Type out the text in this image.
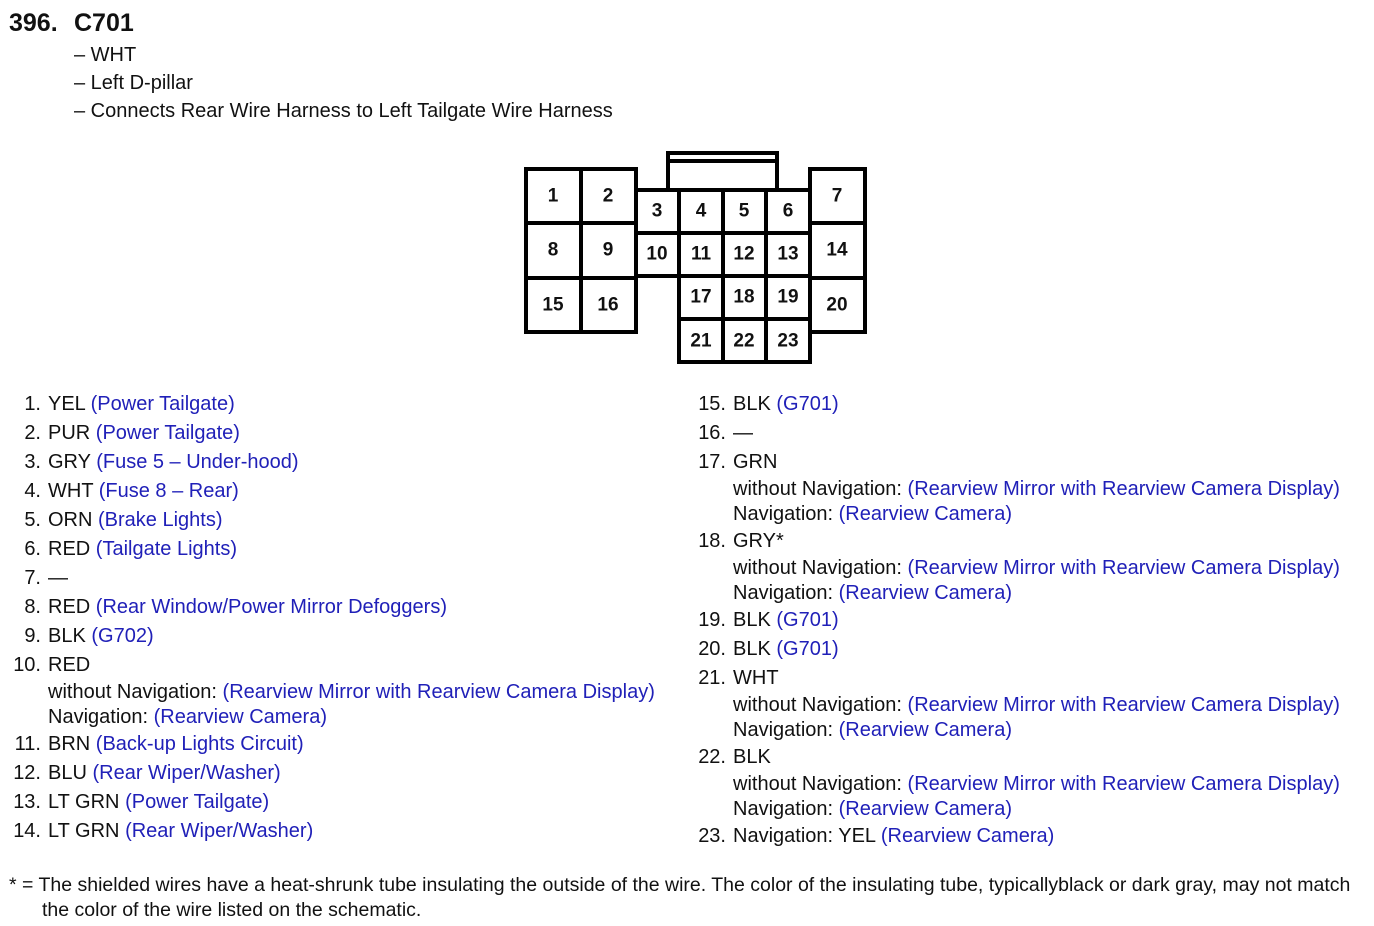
396. C701
– WHT
– Left D-pillar
– Connects Rear Wire Harness to Left Tailgate Wire Harness
1 2
3 4 5 6
7
8 9 10 11 12 13 14
15 16	17 18 19 20
21 22 23
1. YEL (Power Tailgate)
2. PUR (Power Tailgate)
3. GRY (Fuse 5 – Under-hood)
4. WHT (Fuse 8 – Rear)
5. ORN (Brake Lights)
6. RED (Tailgate Lights)
7. —
8. RED (Rear Window/Power Mirror Defoggers)
9. BLK (G702)
10. RED
without Navigation: (Rearview Mirror with Rearview Camera Display)
Navigation: (Rearview Camera)
11. BRN (Back-up Lights Circuit)
12. BLU (Rear Wiper/Washer)
13. LT GRN (Power Tailgate)
14. LT GRN (Rear Wiper/Washer)
15. BLK (G701)
16. —
17. GRN
without Navigation: (Rearview Mirror with Rearview Camera Display)
Navigation: (Rearview Camera)
18. GRY*
without Navigation: (Rearview Mirror with Rearview Camera Display)
Navigation: (Rearview Camera)
19. BLK (G701)
20. BLK (G701)
21. WHT
without Navigation: (Rearview Mirror with Rearview Camera Display)
Navigation: (Rearview Camera)
22. BLK
without Navigation: (Rearview Mirror with Rearview Camera Display)
Navigation: (Rearview Camera)
23. Navigation: YEL (Rearview Camera)
* = The shielded wires have a heat-shrunk tube insulating the outside of the wire. The color of the insulating tube, typicallyblack or dark gray, may not match the color of the wire listed on the schematic.
